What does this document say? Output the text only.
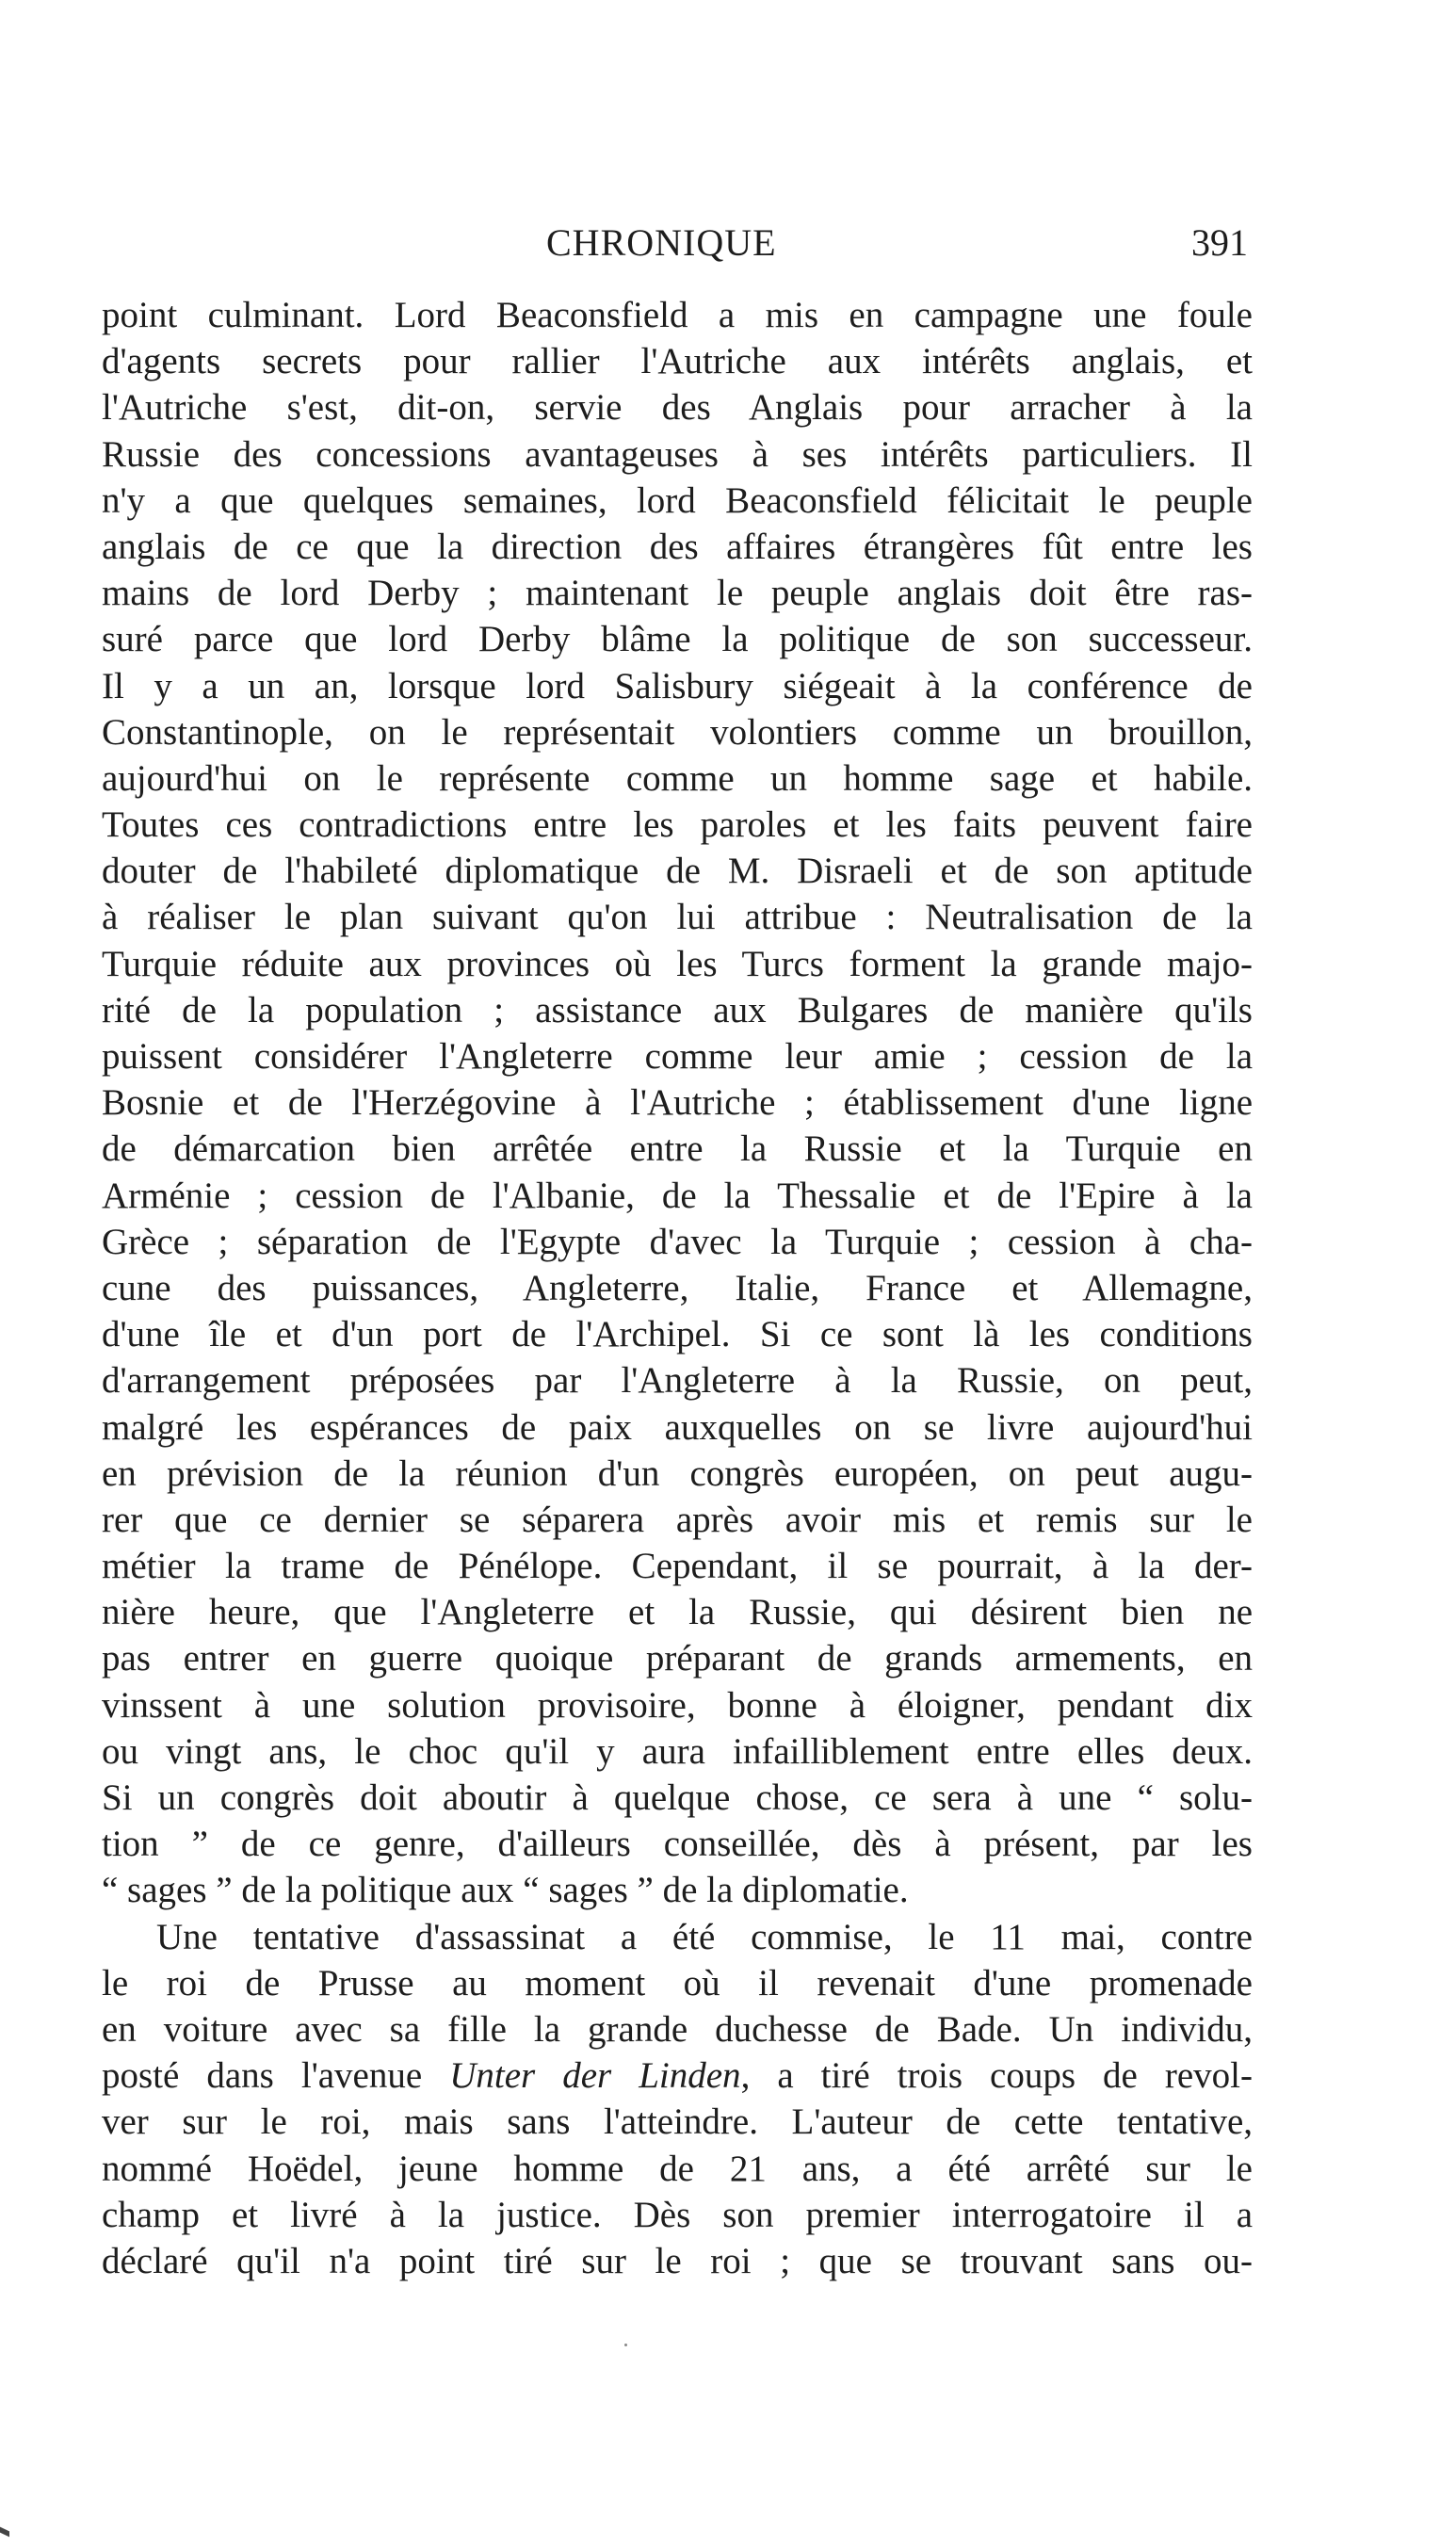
CHRONIQUE	391
point culminant. Lord Beaconsfield a mis en campagne une foule
d'agents secrets pour rallier l'Autriche aux intérêts anglais, et
l'Autriche s'est, dit-on, servie des Anglais pour arracher à la
Russie des concessions avantageuses à ses intérêts particuliers. Il
n'y a que quelques semaines, lord Beaconsfield félicitait le peuple
anglais de ce que la direction des affaires étrangères fût entre les
mains de lord Derby ; maintenant le peuple anglais doit être ras-
suré parce que lord Derby blâme la politique de son successeur.
Il y a un an, lorsque lord Salisbury siégeait à la conférence de
Constantinople, on le représentait volontiers comme un brouillon,
aujourd'hui on le représente comme un homme sage et habile.
Toutes ces contradictions entre les paroles et les faits peuvent faire
douter de l'habileté diplomatique de M. Disraeli et de son aptitude
à réaliser le plan suivant qu'on lui attribue : Neutralisation de la
Turquie réduite aux provinces où les Turcs forment la grande majo-
rité de la population ; assistance aux Bulgares de manière qu'ils
puissent considérer l'Angleterre comme leur amie ; cession de la
Bosnie et de l'Herzégovine à l'Autriche ; établissement d'une ligne
de démarcation bien arrêtée entre la Russie et la Turquie en
Arménie ; cession de l'Albanie, de la Thessalie et de l'Epire à la
Grèce ; séparation de l'Egypte d'avec la Turquie ; cession à cha-
cune des puissances, Angleterre, Italie, France et Allemagne,
d'une île et d'un port de l'Archipel. Si ce sont là les conditions
d'arrangement préposées par l'Angleterre à la Russie, on peut,
malgré les espérances de paix auxquelles on se livre aujourd'hui
en prévision de la réunion d'un congrès européen, on peut augu-
rer que ce dernier se séparera après avoir mis et remis sur le
métier la trame de Pénélope. Cependant, il se pourrait, à la der-
nière heure, que l'Angleterre et la Russie, qui désirent bien ne
pas entrer en guerre quoique préparant de grands armements, en
vinssent à une solution provisoire, bonne à éloigner, pendant dix
ou vingt ans, le choc qu'il y aura infailliblement entre elles deux.
Si un congrès doit aboutir à quelque chose, ce sera à une “ solu-
tion ” de ce genre, d'ailleurs conseillée, dès à présent, par les
“ sages ” de la politique aux “ sages ” de la diplomatie.
Une tentative d'assassinat a été commise, le 11 mai, contre
le roi de Prusse au moment où il revenait d'une promenade
en voiture avec sa fille la grande duchesse de Bade. Un individu,
posté dans l'avenue Unter der Linden, a tiré trois coups de revol-
ver sur le roi, mais sans l'atteindre. L'auteur de cette tentative,
nommé Hoëdel, jeune homme de 21 ans, a été arrêté sur le
champ et livré à la justice. Dès son premier interrogatoire il a
déclaré qu'il n'a point tiré sur le roi ; que se trouvant sans ou-
